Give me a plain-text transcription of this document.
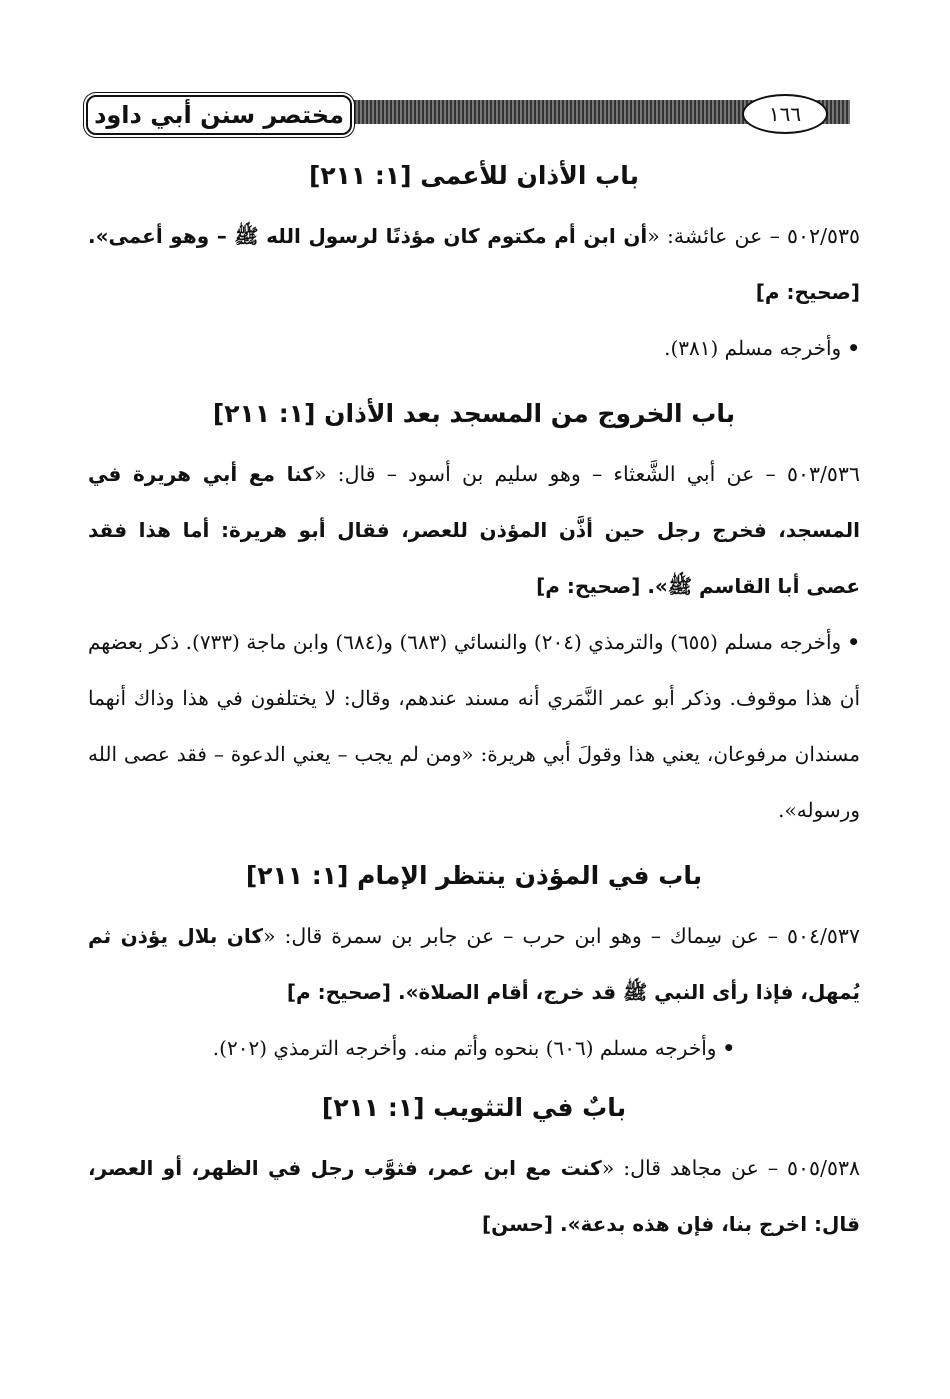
مختصر سنن أبي داود	١٦٦
باب الأذان للأعمى [١: ٢١١]

٥٠٢/٥٣٥ – عن عائشة: «أن ابن أم مكتوم كان مؤذنًا لرسول الله ﷺ – وهو أعمى». [صحيح: م]

•وأخرجه مسلم (٣٨١).

باب الخروج من المسجد بعد الأذان [١: ٢١١]

٥٠٣/٥٣٦ – عن أبي الشَّعثاء – وهو سليم بن أسود – قال: «كنا مع أبي هريرة في المسجد، فخرج رجل حين أذَّن المؤذن للعصر، فقال أبو هريرة: أما هذا فقد عصى أبا القاسم ﷺ». [صحيح: م]

•وأخرجه مسلم (٦٥٥) والترمذي (٢٠٤) والنسائي (٦٨٣) و(٦٨٤) وابن ماجة (٧٣٣). ذكر بعضهم أن هذا موقوف. وذكر أبو عمر النَّمَري أنه مسند عندهم، وقال: لا يختلفون في هذا وذاك أنهما مسندان مرفوعان، يعني هذا وقولَ أبي هريرة: «ومن لم يجب – يعني الدعوة – فقد عصى الله ورسوله».

باب في المؤذن ينتظر الإمام [١: ٢١١]

٥٠٤/٥٣٧ – عن سِماك – وهو ابن حرب – عن جابر بن سمرة قال: «كان بلال يؤذن ثم يُمهل، فإذا رأى النبي ﷺ قد خرج، أقام الصلاة». [صحيح: م]

•وأخرجه مسلم (٦٠٦) بنحوه وأتم منه. وأخرجه الترمذي (٢٠٢).

بابٌ في التثويب [١: ٢١١]

٥٠٥/٥٣٨ – عن مجاهد قال: «كنت مع ابن عمر، فثوَّب رجل في الظهر، أو العصر، قال: اخرج بنا، فإن هذه بدعة». [حسن]
